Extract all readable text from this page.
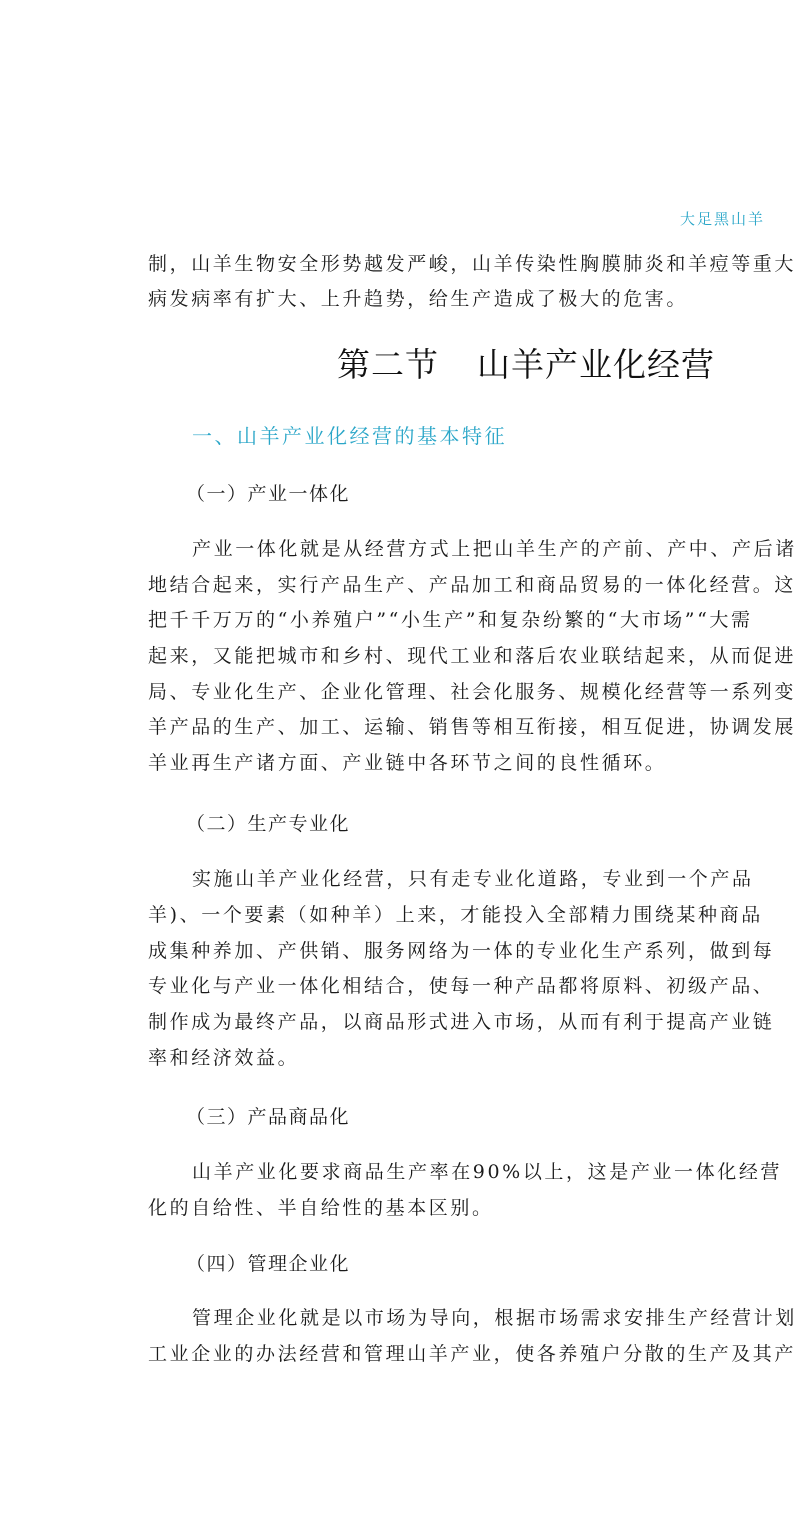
大足黑山羊
制，山羊生物安全形势越发严峻，山羊传染性胸膜肺炎和羊痘等重大
病发病率有扩大、上升趋势，给生产造成了极大的危害。
第二节 山羊产业化经营
一、山羊产业化经营的基本特征
（一）产业一体化
产业一体化就是从经营方式上把山羊生产的产前、产中、产后诸
地结合起来，实行产品生产、产品加工和商品贸易的一体化经营。这
把千千万万的“小养殖户”“小生产”和复杂纷繁的“大市场”“大需
起来，又能把城市和乡村、现代工业和落后农业联结起来，从而促进
局、专业化生产、企业化管理、社会化服务、规模化经营等一系列变
羊产品的生产、加工、运输、销售等相互衔接，相互促进，协调发展
羊业再生产诸方面、产业链中各环节之间的良性循环。
（二）生产专业化
实施山羊产业化经营，只有走专业化道路，专业到一个产品
羊)、一个要素（如种羊）上来，才能投入全部精力围绕某种商品
成集种养加、产供销、服务网络为一体的专业化生产系列，做到每
专业化与产业一体化相结合，使每一种产品都将原料、初级产品、
制作成为最终产品，以商品形式进入市场，从而有利于提高产业链
率和经济效益。
（三）产品商品化
山羊产业化要求商品生产率在90%以上，这是产业一体化经营
化的自给性、半自给性的基本区别。
（四）管理企业化
管理企业化就是以市场为导向，根据市场需求安排生产经营计划
工业企业的办法经营和管理山羊产业，使各养殖户分散的生产及其产
